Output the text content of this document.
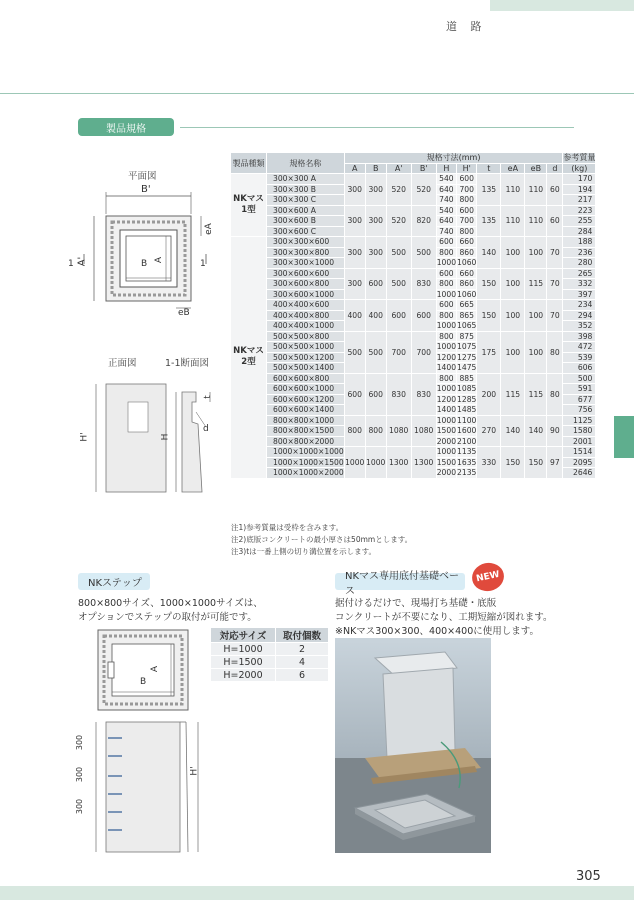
道 路
305
製品規格
平面図
B'
A'	B A
eA
eB
1	1
正面図	1-1断面図
H'	H
t
d
製品種類	規格名称	規格寸法(mm)										参考質量
		A	B	A'	B'	H	H'	t	eA	eB	d	(kg)
NKマス
1型	300×300 A	300	300	520	520	540	600	135	110	110	60	170
	300×300 B					640	700					194
	300×300 C					740	800					217
	300×600 A	300	300	520	820	540	600	135	110	110	60	223
	300×600 B					640	700					255
	300×600 C					740	800					284
NKマス
2型	300×300×600	300	300	500	500	600	660	140	100	100	70	188
	300×300×800					800	860					236
	300×300×1000					1000	1060					280
	300×600×600	300	600	500	830	600	660	150	100	115	70	265
	300×600×800					800	860					332
	300×600×1000					1000	1060					397
	400×400×600	400	400	600	600	600	665	150	100	100	70	234
	400×400×800					800	865					294
	400×400×1000					1000	1065					352
	500×500×800	500	500	700	700	800	875	175	100	100	80	398
	500×500×1000					1000	1075					472
	500×500×1200					1200	1275					539
	500×500×1400					1400	1475					606
	600×600×800	600	600	830	830	800	885	200	115	115	80	500
	600×600×1000					1000	1085					591
	600×600×1200					1200	1285					677
	600×600×1400					1400	1485					756
	800×800×1000	800	800	1080	1080	1000	1100	270	140	140	90	1125
	800×800×1500					1500	1600					1580
	800×800×2000					2000	2100					2001
	1000×1000×1000	1000	1000	1300	1300	1000	1135	330	150	150	97	1514
	1000×1000×1500					1500	1635					2095
	1000×1000×2000					2000	2135					2646
注1)参考質量は受枠を含みます。
注2)底版コンクリートの最小厚さは50mmとします。
注3)tは一番上側の切り溝位置を示します。
NKステップ
800×800サイズ、1000×1000サイズは、
オプションでステップの取付が可能です。
対応サイズ	取付個数
H=1000	2
H=1500	4
H=2000	6
A
B
H'
300
300
300
NKマス専用底付基礎ベース
NEW
据付けるだけで、現場打ち基礎・底版
コンクリートが不要になり、工期短縮が図れます。
※NKマス300×300、400×400に使用します。
